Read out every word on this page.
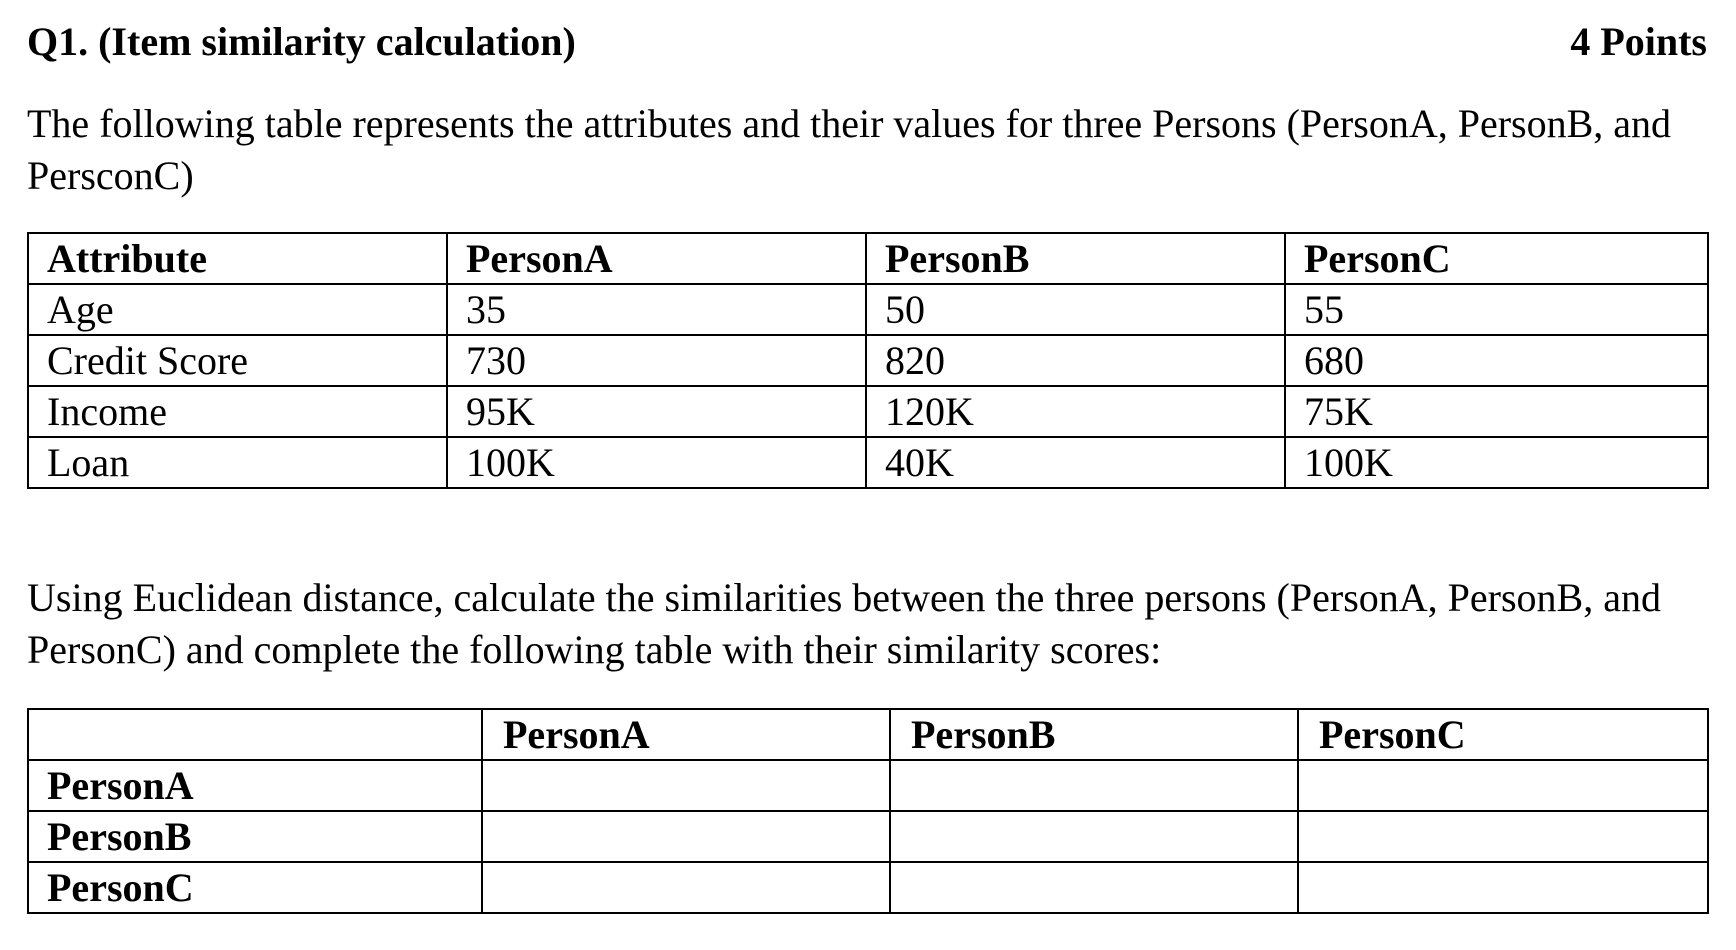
Q1. (Item similarity calculation)	4 Points
The following table represents the attributes and their values for three Persons (PersonA, PersonB, and PersconC)
Attribute	PersonA	PersonB	PersonC
Age	35	50	55
Credit Score	730	820	680
Income	95K	120K	75K
Loan	100K	40K	100K
Using Euclidean distance, calculate the similarities between the three persons (PersonA, PersonB, and PersonC) and complete the following table with their similarity scores:
	PersonA	PersonB	PersonC
PersonA			
PersonB			
PersonC			
